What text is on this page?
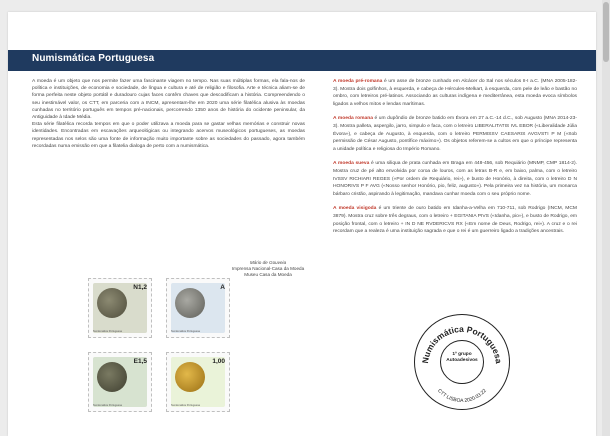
Numismática Portuguesa

A moeda é um objeto que nos permite fazer uma fascinante viagem no tempo. Nas suas múltiplas formas, ela fala-nos de política e instituições, de economia e sociedade, de língua e cultura e até de religião e filosofia. Arte e técnica aliam-se de forma perfeita neste objeto portátil e duradouro cujas faces contêm chaves que descodificam a história. Compreendendo o seu inestimável valor, os CTT, em parceria com a INCM, apresentam-lhe em 2020 uma série filatélica alusiva às moedas cunhadas no território português em tempos pré-nacionais, percorrendo 1350 anos de história do ocidente peninsular, da Antiguidade à Idade Média.

Esta série filatélica recorda tempos em que o poder utilizava a moeda para se gastar velhas memórias e construir novas identidades. Encontradas em escavações arqueológicas ou integrando acervos museológicos portugueses, as moedas representadas nos selos são uma fonte de informação muito importante sobre as sociedades do passado, agora também recordadas numa emissão em que a filatelia dialoga de perto com a numismática.

Mário de Gouveia
Imprensa Nacional-Casa da Moeda
Museu Casa da Moeda

A moeda pré-romana é um asse de bronze cunhado em Alcácer do Sal nos séculos II-I a.C. (MNA 2005-182-3). Mostra dois golfinhos, à esquerda, e cabeça de Hércules-Melkart, à esquerda, com pele de leão e bastão no ombro, com letreiros pré-latinos. Associando as culturas indígena e mediterrânea, esta moeda evoca símbolos ligados a velhos mitos e lendas marítimas.

A moeda romana é um dupôndio de bronze batido em Évora em 27 a.C.-14 d.C., sob Augusto (MNA 2014-23-3). Mostra palleta, aspergilo, jarro, simpulo e faca, com o letreiro LIBERALITATIS IVL EBOR («Liberalidade Júlia Évora»), e cabeça de Augusto, à esquerda, com o letreiro PERMISSV CAESARIS AVGVSTI P M («Sob permissão de César Augusto, pontífice máximo»). Os objetos referem-se a cultos em que o príncipe representa a unidade política e religiosa do Império Romano.

A moeda sueva é uma siliqua de prata cunhada em Braga em 448-456, sob Requiário (MNMP, CMP 1814-2). Mostra cruz de pé alto envolvida por coroa de louros, com as letras B-R e, em baixo, palma, com o letreiro IVSSV RICHIARI REGES («Por ordem de Requiário, rei»), e busto de Honório, à direita, com o letreiro D N HONORIVS P F AVG («Nosso senhor Honório, pio, feliz, augusto»). Pela primeira vez na história, um monarca bárbaro cristão, aspirando à legitimação, mandava cunhar moeda com o seu próprio nome.

A moeda visigoda é um triente de ouro batido em Idanha-a-Velha em 710-711, sob Rodrigo (INCM, MCM 3879). Mostra cruz sobre três degraus, com o letreiro + EGITANIA PIVS («Idanha, pio»), e busto de Rodrigo, em posição frontal, com o letreiro + IN D NE RVDERICVS RX («Em nome de Deus, Rodrigo, rei»). A cruz e o rei recordam que a realeza é uma instituição sagrada e que o rei é um guerreiro ligado a tradições ancestrais.

N1,2
Numismática Portuguesa
A
Numismática Portuguesa
E1,5
Numismática Portuguesa
1,00
Numismática Portuguesa
Numismática Portuguesa
CTT LISBOA 2020.03.22
1º grupo
Autoadesivos
